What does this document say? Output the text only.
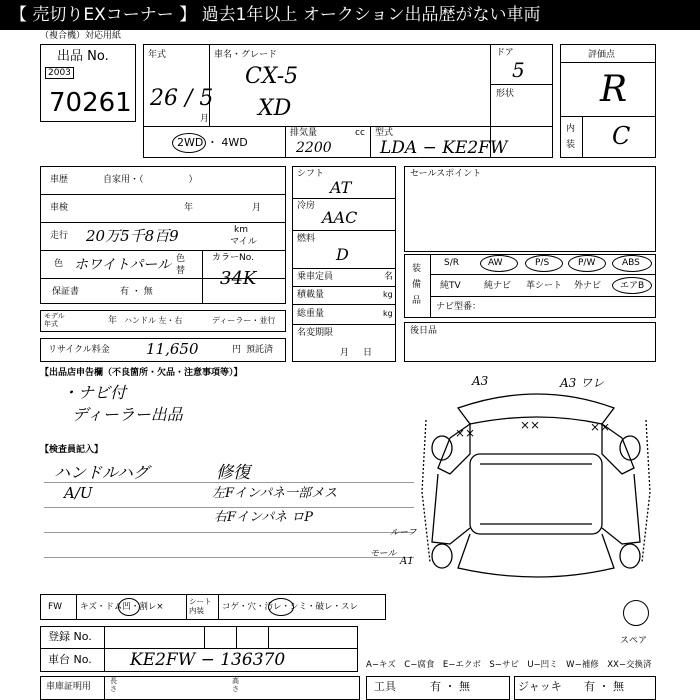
【 売切りEXコーナー 】 過去1年以上 オークション出品歴がない車両
（複合機）対応用紙
出品 No.
2003
70261
年式
26 / 5
月
車名・グレード
CX-5
XD
ドア
5
形状
2WD ・ 4WD
排気量	cc
2200
型式
LDA − KE2FW
評価点
R
内
装 C
車歴	自家用・（　　　　　）
車検	年	月
走行 20万5千8百9	km
マイル
色 ホワイトパール 色
替
カラーNo.
34K
保証書	有 ・ 無
モデル年式	年 ハンドル 左・右	ディーラー・並行
リサイクル料金 11,650	円 預託済
シフト
AT
冷房
AAC
燃料
D
乗車定員	名
積載量	kg
総重量	kg
名変期限
月日
セールスポイント
装
備
品
S/R	AW	P/S	P/W	ABS
純TV	純ナビ 革シート 外ナビ エアB
ナビ型番：
後日品
【出品店申告欄（不良箇所・欠品・注意事項等）】
・ナビ付
ディーラー出品
【検査員記入】
ハンドルハグ
A/U
修復
左Fインパネ一部メス
右Fインパネ ロP
A3	A3 ワレ
××
××	××
ルーフ
モール
A1
スペア
FW キズ・ドム凹・割レ×
シート内装	コゲ・穴・汚レ・シミ・破レ・スレ
登録 No.
車台 No. KE2FW − 136370	A−キズ　C−腐食　E−エクボ　S−サビ　U−凹ミ　W−補修　XX−交換済
車庫証明用
長さ
高さ	工具	有 ・ 無	ジャッキ 有 ・ 無
